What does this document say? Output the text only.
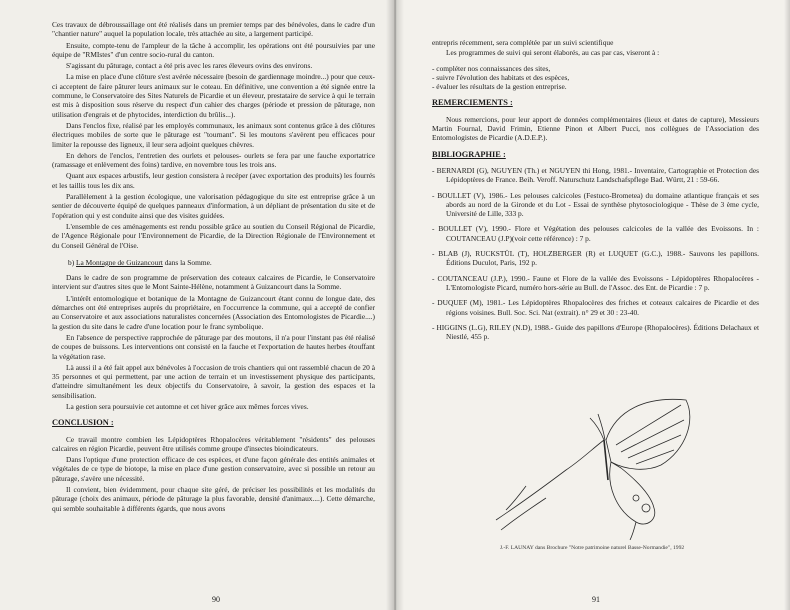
Ces travaux de débroussaillage ont été réalisés dans un premier temps par des bénévoles, dans le cadre d'un "chantier nature" auquel la population locale, très attachée au site, a largement participé.

Ensuite, compte-tenu de l'ampleur de la tâche à accomplir, les opérations ont été poursuivies par une équipe de "RMIstes" d'un centre socio-rural du canton.

S'agissant du pâturage, contact a été pris avec les rares éleveurs ovins des environs.

La mise en place d'une clôture s'est avérée nécessaire (besoin de gardiennage moindre...) pour que ceux-ci acceptent de faire pâturer leurs animaux sur le coteau. En définitive, une convention a été signée entre la commune, le Conservatoire des Sites Naturels de Picardie et un éleveur, prestataire de service à qui le terrain est mis à disposition sous réserve du respect d'un cahier des charges (période et pression de pâturage, non utilisation d'engrais et de phytocides, interdiction du brûlis...).

Dans l'enclos fixe, réalisé par les employés communaux, les animaux sont contenus grâce à des clôtures électriques mobiles de sorte que le pâturage est "tournant". Si les moutons s'avèrent peu efficaces pour limiter la repousse des ligneux, il leur sera adjoint quelques chèvres.

En dehors de l'enclos, l'entretien des ourlets et pelouses- ourlets se fera par une fauche exportatrice (ramassage et enlèvement des foins) tardive, en novembre tous les trois ans.

Quant aux espaces arbustifs, leur gestion consistera à recéper (avec exportation des produits) les fourrés et les taillis tous les dix ans.

Parallèlement à la gestion écologique, une valorisation pédagogique du site est entreprise grâce à un sentier de découverte équipé de quelques panneaux d'information, à un dépliant de présentation du site et de l'opération qui y est conduite ainsi que des visites guidées.

L'ensemble de ces aménagements est rendu possible grâce au soutien du Conseil Régional de Picardie, de l'Agence Régionale pour l'Environnement de Picardie, de la Direction Régionale de l'Environnement et du Conseil Général de l'Oise.

b) La Montagne de Guizancourt dans la Somme.

Dans le cadre de son programme de préservation des coteaux calcaires de Picardie, le Conservatoire intervient sur d'autres sites que le Mont Sainte-Hélène, notamment à Guizancourt dans la Somme.

L'intérêt entomologique et botanique de la Montagne de Guizancourt étant connu de longue date, des démarches ont été entreprises auprès du propriétaire, en l'occurrence la commune, qui a accepté de confier au Conservatoire et aux associations naturalistes concernées (Association des Entomologistes de Picardie....) la gestion du site dans le cadre d'une location pour le franc symbolique.

En l'absence de perspective rapprochée de pâturage par des moutons, il n'a pour l'instant pas été réalisé de coupes de buissons. Les interventions ont consisté en la fauche et l'exportation de hautes herbes étouffant la végétation rase.

Là aussi il a été fait appel aux bénévoles à l'occasion de trois chantiers qui ont rassemblé chacun de 20 à 35 personnes et qui permettent, par une action de terrain et un investissement physique des participants, d'atteindre simultanément les deux objectifs du Conservatoire, à savoir, la gestion des espaces et la sensibilisation.

La gestion sera poursuivie cet automne et cet hiver grâce aux mêmes forces vives.

CONCLUSION :

Ce travail montre combien les Lépidoptères Rhopalocères véritablement "résidents" des pelouses calcaires en région Picardie, peuvent être utilisés comme groupe d'insectes bioindicateurs.

Dans l'optique d'une protection efficace de ces espèces, et d'une façon générale des entités animales et végétales de ce type de biotope, la mise en place d'une gestion conservatoire, avec si possible un retour au pâturage, s'avère une nécessité.

Il convient, bien évidemment, pour chaque site géré, de préciser les possibilités et les modalités du pâturage (choix des animaux, période de pâturage la plus favorable, densité d'animaux....). Cette démarche, qui semble souhaitable à différents égards, que nous avons

90

entrepris récemment, sera complétée par un suivi scientifique

Les programmes de suivi qui seront élaborés, au cas par cas, viseront à :

- compléter nos connaissances des sites,

- suivre l'évolution des habitats et des espèces,

- évaluer les résultats de la gestion entreprise.

REMERCIEMENTS :

Nous remercions, pour leur apport de données complémentaires (lieux et dates de capture), Messieurs Martin Fournal, David Frimin, Etienne Pinon et Albert Pucci, nos collègues de l'Association des Entomologistes de Picardie (A.D.E.P.).

BIBLIOGRAPHIE :

- BERNARDI (G), NGUYEN (Th.) et NGUYEN thi Hong, 1981.- Inventaire, Cartographie et Protection des Lépidoptères de France. Beih. Veroff. Naturschutz Landschafspflege Bad. Württ, 21 : 59-66.

- BOULLET (V), 1986.- Les pelouses calcicoles (Festuco-Brometea) du domaine atlantique français et ses abords au nord de la Gironde et du Lot - Essai de synthèse phytosociologique - Thèse de 3 ème cycle, Université de Lille, 333 p.

- BOULLET (V), 1990.- Flore et Végétation des pelouses calcicoles de la vallée des Evoissons. In : COUTANCEAU (J.P)(voir cette référence) : 7 p.

- BLAB (J), RUCKSTÜL (T), HOLZBERGER (R) et LUQUET (G.C.), 1988.- Sauvons les papillons. Éditions Duculot, Paris, 192 p.

- COUTANCEAU (J.P.), 1990.- Faune et Flore de la vallée des Evoissons - Lépidoptères Rhopalocères - L'Entomologiste Picard, numéro hors-série au Bull. de l'Assoc. des Ent. de Picardie : 7 p.

- DUQUEF (M), 1981.- Les Lépidoptères Rhopalocères des friches et coteaux calcaires de Picardie et des régions voisines. Bull. Soc. Sci. Nat (extrait). n° 29 et 30 : 23-40.

- HIGGINS (L.G), RILEY (N.D), 1988.- Guide des papillons d'Europe (Rhopalocères). Éditions Delachaux et Niestlé, 455 p.

J.-F. LAUNAY dans Brochure "Notre patrimoine naturel Basse-Normandie", 1992
91
